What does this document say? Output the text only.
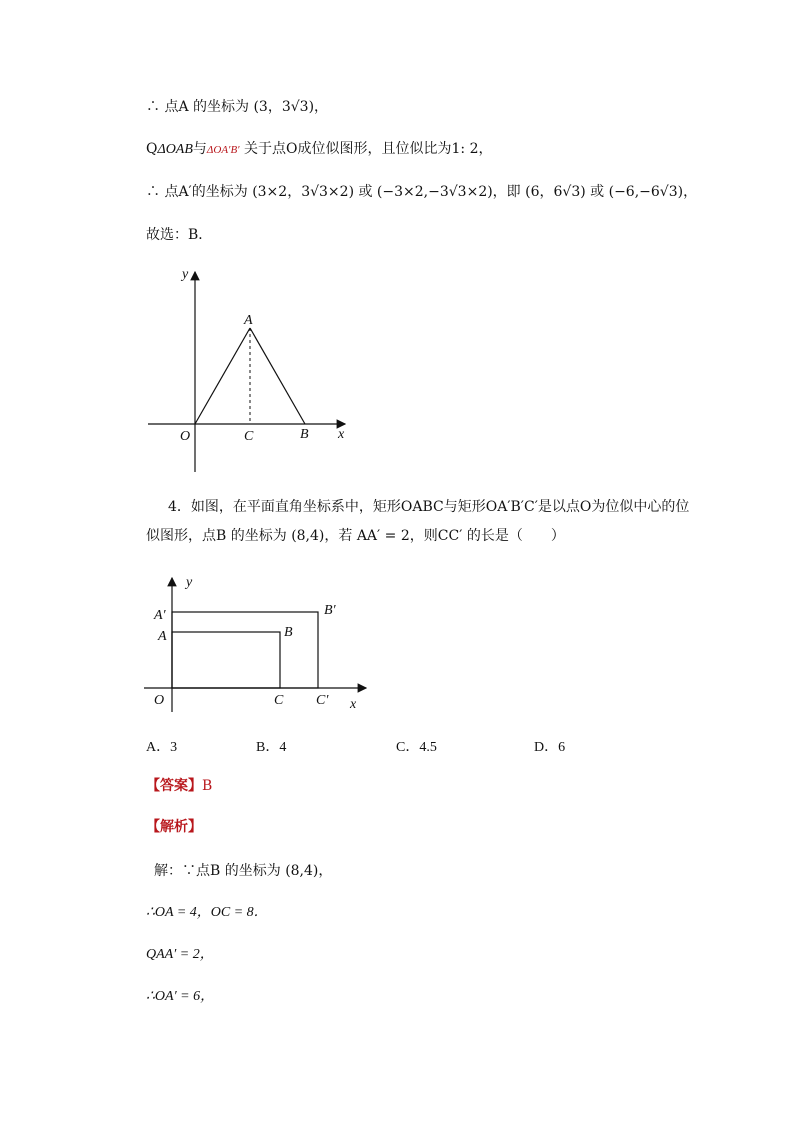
∴ 点A 的坐标为 (3，3√3)，
QΔOAB与ΔOA′B′ 关于点O成位似图形，且位似比为1: 2，
∴ 点A′的坐标为 (3×2，3√3×2) 或 (−3×2,−3√3×2)，即 (6，6√3) 或 (−6,−6√3)，
故选：B．
y
x
O
A
C	B
4．如图，在平面直角坐标系中，矩形OABC与矩形OA′B′C′是以点O为位似中心的位
似图形，点B 的坐标为 (8,4)，若 AA′ = 2，则CC′ 的长是（　　）
y
x
O
A′
A	B
B′
C C′
A．3	B．4	C．4.5	D．6
【答案】B
【解析】
解：∵点B 的坐标为 (8,4)，
∴OA = 4，OC = 8．
QAA′ = 2，
∴OA′ = 6，
